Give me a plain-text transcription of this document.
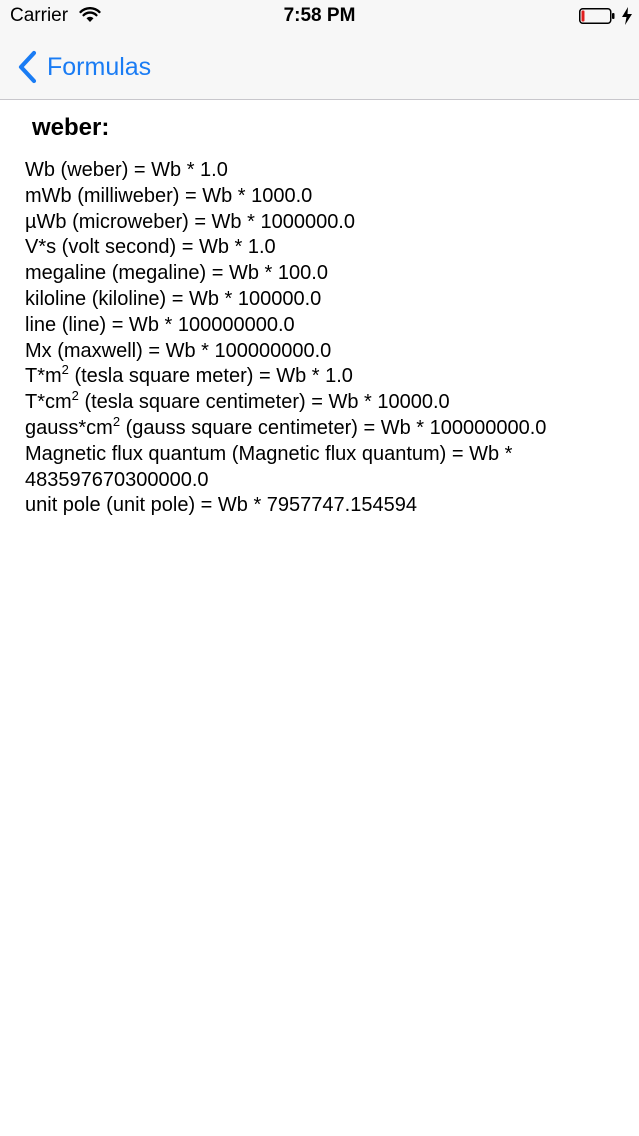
Carrier	7:58 PM
Formulas
weber:
Wb (weber) = Wb * 1.0
mWb (milliweber) = Wb * 1000.0
µWb (microweber) = Wb * 1000000.0
V*s (volt second) = Wb * 1.0
megaline (megaline) = Wb * 100.0
kiloline (kiloline) = Wb * 100000.0
line (line) = Wb * 100000000.0
Mx (maxwell) = Wb * 100000000.0
$T*m^2$ (tesla square meter) = Wb * 1.0
$T*cm^2$ (tesla square centimeter) = Wb * 10000.0
$gauss*cm^2$ (gauss square centimeter) = Wb * 100000000.0
Magnetic flux quantum (Magnetic flux quantum) = Wb * 483597670300000.0
unit pole (unit pole) = Wb * 7957747.154594
